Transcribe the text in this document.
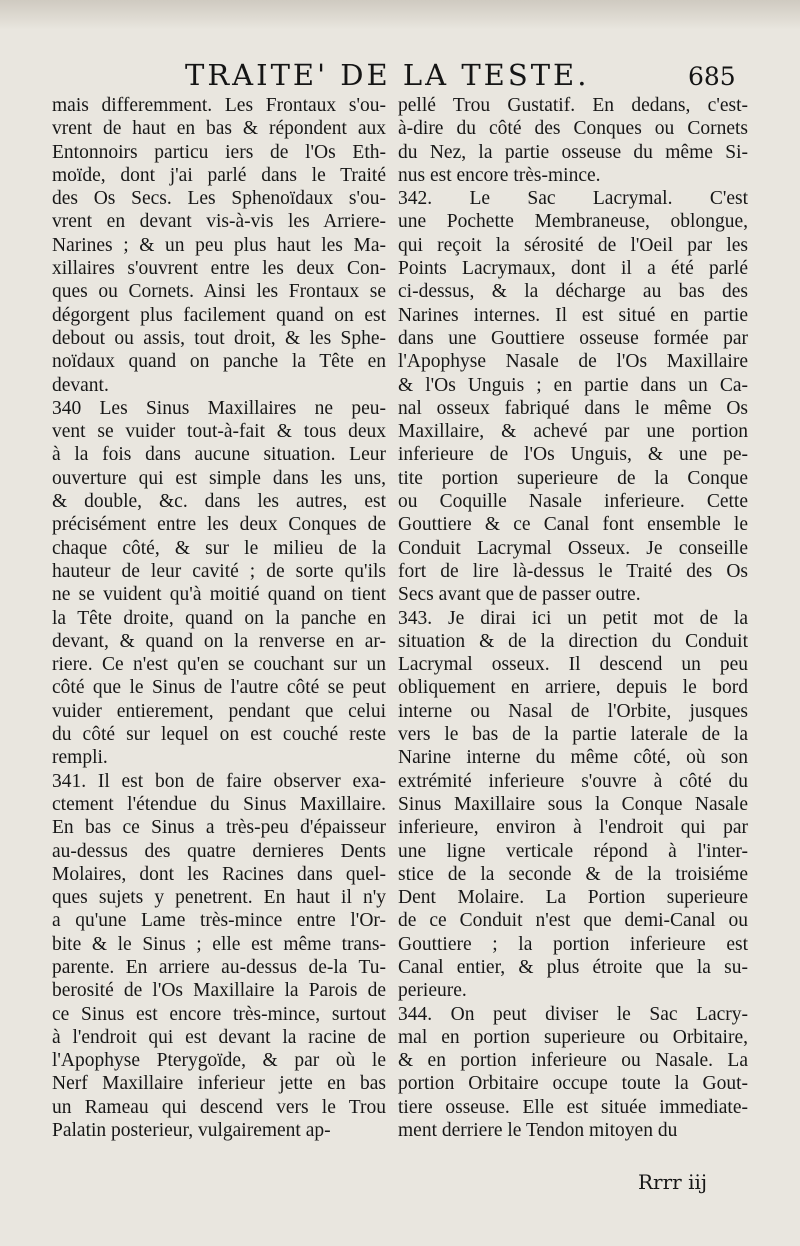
TRAITE' DE LA TESTE.	685
mais differemment. Les Frontaux s'ou-
vrent de haut en bas & répondent aux
Entonnoirs particu iers de l'Os Eth-
moïde, dont j'ai parlé dans le Traité
des Os Secs. Les Sphenoïdaux s'ou-
vrent en devant vis-à-vis les Arriere-
Narines ; & un peu plus haut les Ma-
xillaires s'ouvrent entre les deux Con-
ques ou Cornets. Ainsi les Frontaux se
dégorgent plus facilement quand on est
debout ou assis, tout droit, & les Sphe-
noïdaux quand on panche la Tête en
devant.
340 Les Sinus Maxillaires ne peu-
vent se vuider tout-à-fait & tous deux
à la fois dans aucune situation. Leur
ouverture qui est simple dans les uns,
& double, &c. dans les autres, est
précisément entre les deux Conques de
chaque côté, & sur le milieu de la
hauteur de leur cavité ; de sorte qu'ils
ne se vuident qu'à moitié quand on tient
la Tête droite, quand on la panche en
devant, & quand on la renverse en ar-
riere. Ce n'est qu'en se couchant sur un
côté que le Sinus de l'autre côté se peut
vuider entierement, pendant que celui
du côté sur lequel on est couché reste
rempli.
341. Il est bon de faire observer exa-
ctement l'étendue du Sinus Maxillaire.
En bas ce Sinus a très-peu d'épaisseur
au-dessus des quatre dernieres Dents
Molaires, dont les Racines dans quel-
ques sujets y penetrent. En haut il n'y
a qu'une Lame très-mince entre l'Or-
bite & le Sinus ; elle est même trans-
parente. En arriere au-dessus de-la Tu-
berosité de l'Os Maxillaire la Parois de
ce Sinus est encore très-mince, surtout
à l'endroit qui est devant la racine de
l'Apophyse Pterygoïde, & par où le
Nerf Maxillaire inferieur jette en bas
un Rameau qui descend vers le Trou
Palatin posterieur, vulgairement ap-
pellé Trou Gustatif. En dedans, c'est-
à-dire du côté des Conques ou Cornets
du Nez, la partie osseuse du même Si-
nus est encore très-mince.
342. Le Sac Lacrymal. C'est
une Pochette Membraneuse, oblongue,
qui reçoit la sérosité de l'Oeil par les
Points Lacrymaux, dont il a été parlé
ci-dessus, & la décharge au bas des
Narines internes. Il est situé en partie
dans une Gouttiere osseuse formée par
l'Apophyse Nasale de l'Os Maxillaire
& l'Os Unguis ; en partie dans un Ca-
nal osseux fabriqué dans le même Os
Maxillaire, & achevé par une portion
inferieure de l'Os Unguis, & une pe-
tite portion superieure de la Conque
ou Coquille Nasale inferieure. Cette
Gouttiere & ce Canal font ensemble le
Conduit Lacrymal Osseux. Je conseille
fort de lire là-dessus le Traité des Os
Secs avant que de passer outre.
343. Je dirai ici un petit mot de la
situation & de la direction du Conduit
Lacrymal osseux. Il descend un peu
obliquement en arriere, depuis le bord
interne ou Nasal de l'Orbite, jusques
vers le bas de la partie laterale de la
Narine interne du même côté, où son
extrémité inferieure s'ouvre à côté du
Sinus Maxillaire sous la Conque Nasale
inferieure, environ à l'endroit qui par
une ligne verticale répond à l'inter-
stice de la seconde & de la troisiéme
Dent Molaire. La Portion superieure
de ce Conduit n'est que demi-Canal ou
Gouttiere ; la portion inferieure est
Canal entier, & plus étroite que la su-
perieure.
344. On peut diviser le Sac Lacry-
mal en portion superieure ou Orbitaire,
& en portion inferieure ou Nasale. La
portion Orbitaire occupe toute la Gout-
tiere osseuse. Elle est située immediate-
ment derriere le Tendon mitoyen du
Rrrr iij
